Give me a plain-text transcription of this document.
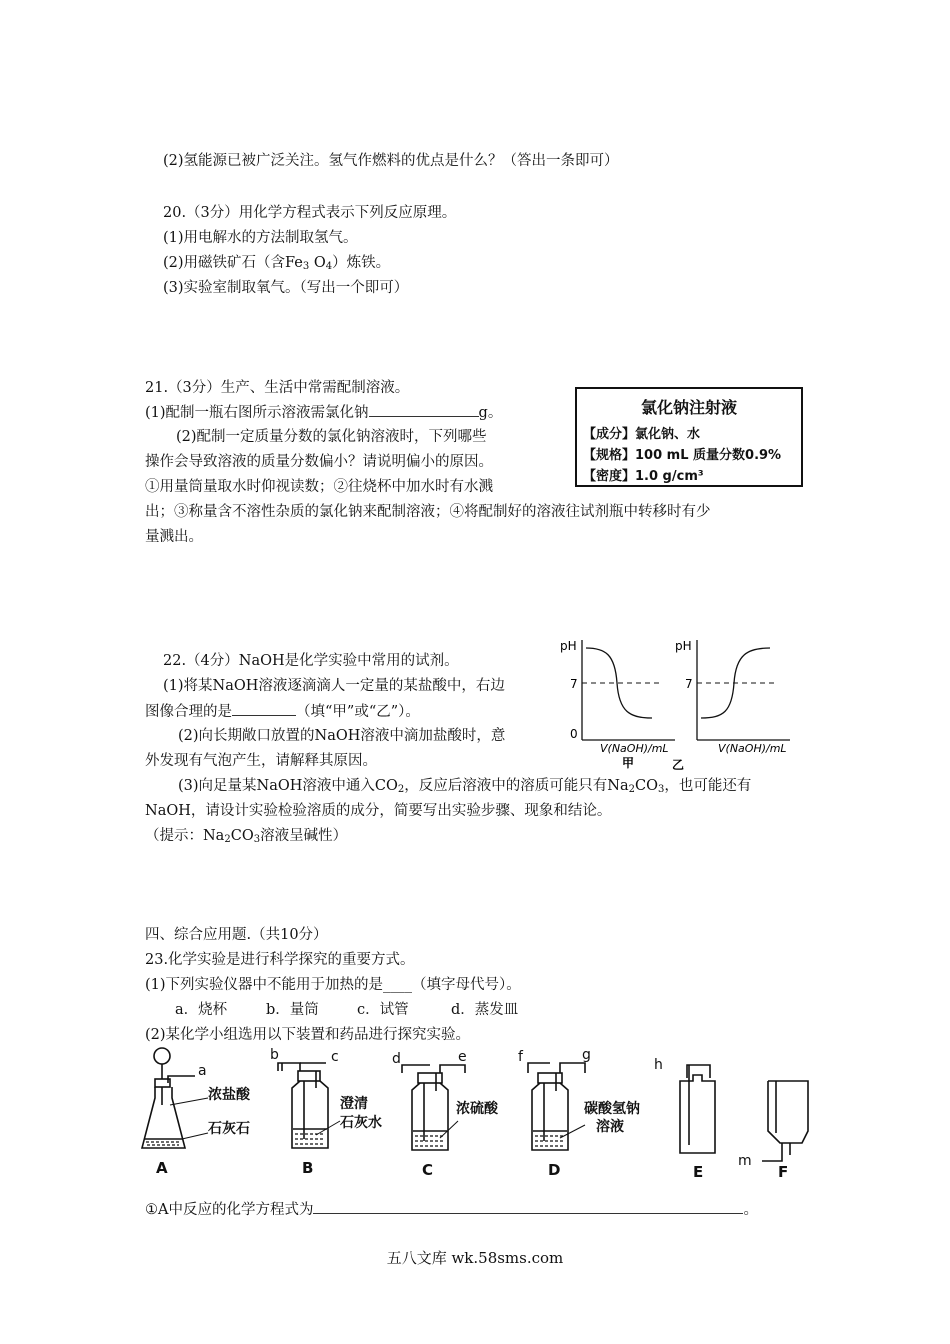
(2)氢能源已被广泛关注。氢气作燃料的优点是什么？（答出一条即可）
20.（3分）用化学方程式表示下列反应原理。
(1)用电解水的方法制取氢气。
(2)用磁铁矿石（含$Fe_3$ $O_4$）炼铁。
(3)实验室制取氧气。（写出一个即可）
21.（3分）生产、生活中常需配制溶液。
(1)配制一瓶右图所示溶液需氯化钠	g。
(2)配制一定质量分数的氯化钠溶液时，下列哪些
操作会导致溶液的质量分数偏小？请说明偏小的原因。
①用量筒量取水时仰视读数；②往烧杯中加水时有水溅
出；③称量含不溶性杂质的氯化钠来配制溶液；④将配制好的溶液往试剂瓶中转移时有少
量溅出。
氯化钠注射液
【成分】氯化钠、水
【规格】100 mL 质量分数0.9%
【密度】1.0 g/cm³
22.（4分）NaOH是化学实验中常用的试剂。
(1)将某NaOH溶液逐滴滴人一定量的某盐酸中，右边
图像合理的是	（填“甲”或“乙”）。
(2)向长期敞口放置的NaOH溶液中滴加盐酸时，意
外发现有气泡产生，请解释其原因。
(3)向足量某NaOH溶液中通入$CO_2$，反应后溶液中的溶质可能只有$Na_2CO_3$，也可能还有
NaOH，请设计实验检验溶质的成分，简要写出实验步骤、现象和结论。
（提示：$Na_2CO_3$溶液呈碱性）
pH
7
0
V(NaOH)/mL
甲
pH
7
V(NaOH)/mL
乙
四、综合应用题.（共10分）
23.化学实验是进行科学探究的重要方式。
(1)下列实验仪器中不能用于加热的是____（填字母代号）。
a．烧杯	b．量筒	c．试管	d．蒸发皿
(2)某化学小组选用以下装置和药品进行探究实验。
a
b	c	d	e	f	g
h
m
浓盐酸
石灰石
澄清
石灰水
浓硫酸	碳酸氢钠
溶液
A	B	C	D	E	F
①A中反应的化学方程式为	。
五八文库 wk.58sms.com
